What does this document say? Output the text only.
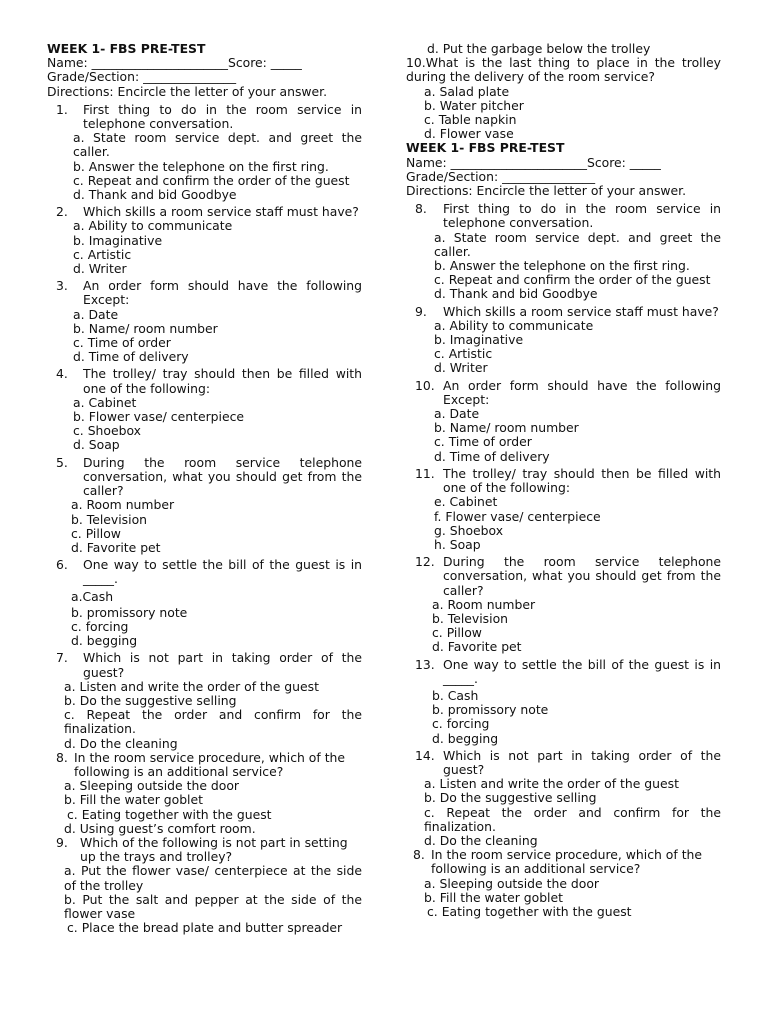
WEEK 1- FBS PRE-TEST
Name: ______________________Score: _____
Grade/Section: _______________
Directions: Encircle the letter of your answer.
1.	First thing to do in the room service in telephone conversation.
a. State room service dept. and greet the caller.
b. Answer the telephone on the first ring.
c. Repeat and confirm the order of the guest
d. Thank and bid Goodbye
2.	Which skills a room service staff must have?
a. Ability to communicate
b. Imaginative
c. Artistic
d. Writer
3.	An order form should have the following Except:
a. Date
b. Name/ room number
c. Time of order
d. Time of delivery
4.	The trolley/ tray should then be filled with one of the following:
a. Cabinet
b. Flower vase/ centerpiece
c. Shoebox
d. Soap
5.	During the room service telephone conversation, what you should get from the caller?
a. Room number
b. Television
c. Pillow
d. Favorite pet
6.	One way to settle the bill of the guest is in _____.
a.Cash
b. promissory note
c. forcing
d. begging
7.	Which is not part in taking order of the guest?
a. Listen and write the order of the guest
b. Do the suggestive selling
c. Repeat the order and confirm for the finalization.
d. Do the cleaning
8. In the room service procedure, which of the following is an additional service?
a. Sleeping outside the door
b. Fill the water goblet
c. Eating together with the guest
d. Using guest’s comfort room.
9. Which of the following is not part in setting up the trays and trolley?
a. Put the flower vase/ centerpiece at the side of the trolley
b. Put the salt and pepper at the side of the flower vase
c. Place the bread plate and butter spreader
d. Put the garbage below the trolley
10.What is the last thing to place in the trolley during the delivery of the room service?
a. Salad plate
b. Water pitcher
c. Table napkin
d. Flower vase
WEEK 1- FBS PRE-TEST
Name: ______________________Score: _____
Grade/Section: _______________
Directions: Encircle the letter of your answer.
8.	First thing to do in the room service in telephone conversation.
a. State room service dept. and greet the caller.
b. Answer the telephone on the first ring.
c. Repeat and confirm the order of the guest
d. Thank and bid Goodbye
9.	Which skills a room service staff must have?
a. Ability to communicate
b. Imaginative
c. Artistic
d. Writer
10. An order form should have the following Except:
a. Date
b. Name/ room number
c. Time of order
d. Time of delivery
11. The trolley/ tray should then be filled with one of the following:
e. Cabinet
f. Flower vase/ centerpiece
g. Shoebox
h. Soap
12. During the room service telephone conversation, what you should get from the caller?
a. Room number
b. Television
c. Pillow
d. Favorite pet
13. One way to settle the bill of the guest is in _____.
b. Cash
b. promissory note
c. forcing
d. begging
14. Which is not part in taking order of the guest?
a. Listen and write the order of the guest
b. Do the suggestive selling
c. Repeat the order and confirm for the finalization.
d. Do the cleaning
8. In the room service procedure, which of the following is an additional service?
a. Sleeping outside the door
b. Fill the water goblet
c. Eating together with the guest
